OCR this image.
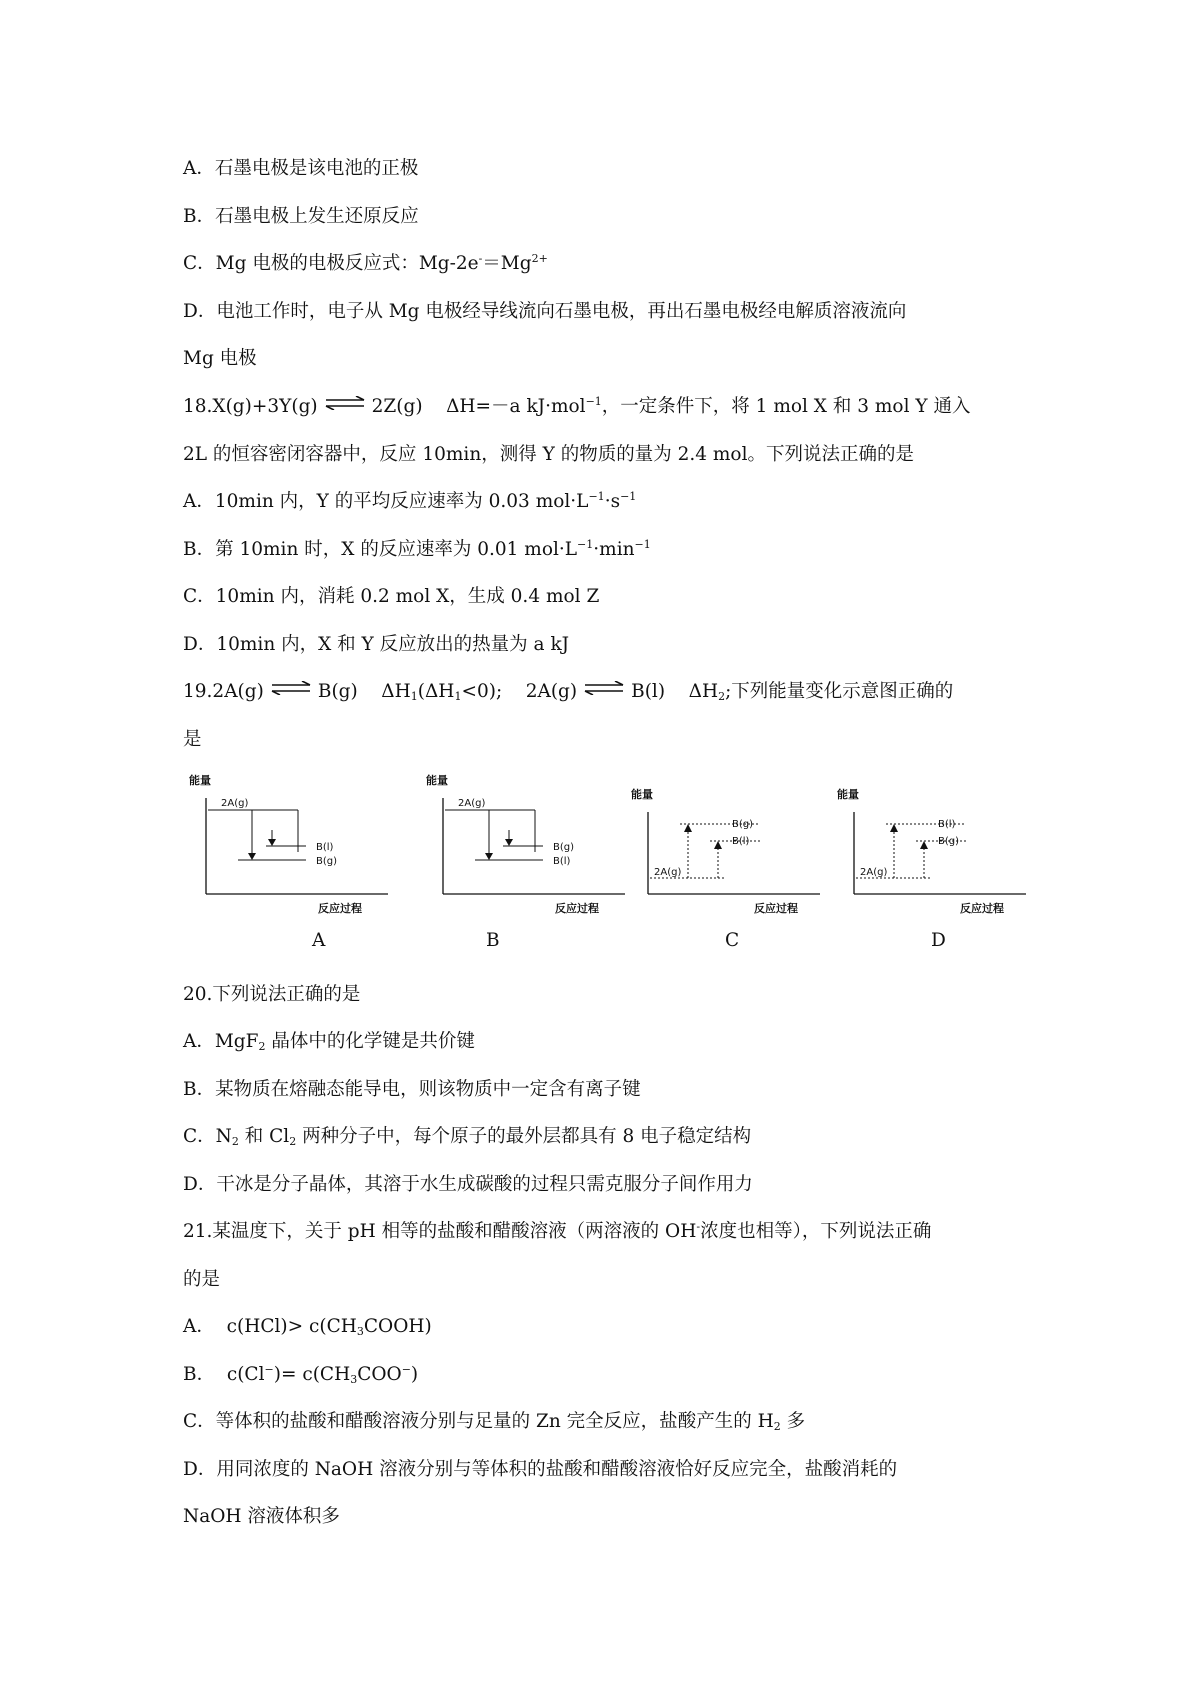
A．石墨电极是该电池的正极
B．石墨电极上发生还原反应
C．Mg 电极的电极反应式：$Mg-2e^-=Mg^{2+}$
D．电池工作时，电子从 Mg 电极经导线流向石墨电极，再出石墨电极经电解质溶液流向
Mg 电极
18.X(g)+3Y(g) ⇌ 2Z(g)    ΔH=－a kJ·mol$^{-1}$，一定条件下，将 1 mol X 和 3 mol Y 通入
2L 的恒容密闭容器中，反应 10min，测得 Y 的物质的量为 2.4 mol。下列说法正确的是
A．10min 内，Y 的平均反应速率为 0.03 $mol\cdot L^{-1}\cdot s^{-1}$
B．第 10min 时，X 的反应速率为 0.01 $mol\cdot L^{-1}\cdot\min^{-1}$
C．10min 内，消耗 0.2 mol X，生成 0.4 mol Z
D．10min 内，X 和 Y 反应放出的热量为 a kJ
19.2A(g) ⇌ B(g)    $\Delta H_1(\Delta H_1<0)$;    2A(g) ⇌ B(l)    $\Delta H_2$;下列能量变化示意图正确的
是
能量
2A(g)
B(l)
B(g)
反应过程
能量
2A(g)
B(g)
B(l)
反应过程
能量
2A(g)
B(g)
B(l)
反应过程
能量
2A(g)
B(l)
B(g)
反应过程
A	B	C	D
20.下列说法正确的是
A．MgF$_2$ 晶体中的化学键是共价键
B．某物质在熔融态能导电，则该物质中一定含有离子键
C．$N_2$ 和 $Cl_2$ 两种分子中，每个原子的最外层都具有 8 电子稳定结构
D．干冰是分子晶体，其溶于水生成碳酸的过程只需克服分子间作用力
21.某温度下，关于 pH 相等的盐酸和醋酸溶液（两溶液的 OH-浓度也相等），下列说法正确
的是
A．  $c(HCl)> c(CH_3COOH)$
B．  $c(Cl^-)= c(CH_3COO^-)$
C．等体积的盐酸和醋酸溶液分别与足量的 Zn 完全反应，盐酸产生的 $H_2$ 多
D．用同浓度的 NaOH 溶液分别与等体积的盐酸和醋酸溶液恰好反应完全，盐酸消耗的
NaOH 溶液体积多
